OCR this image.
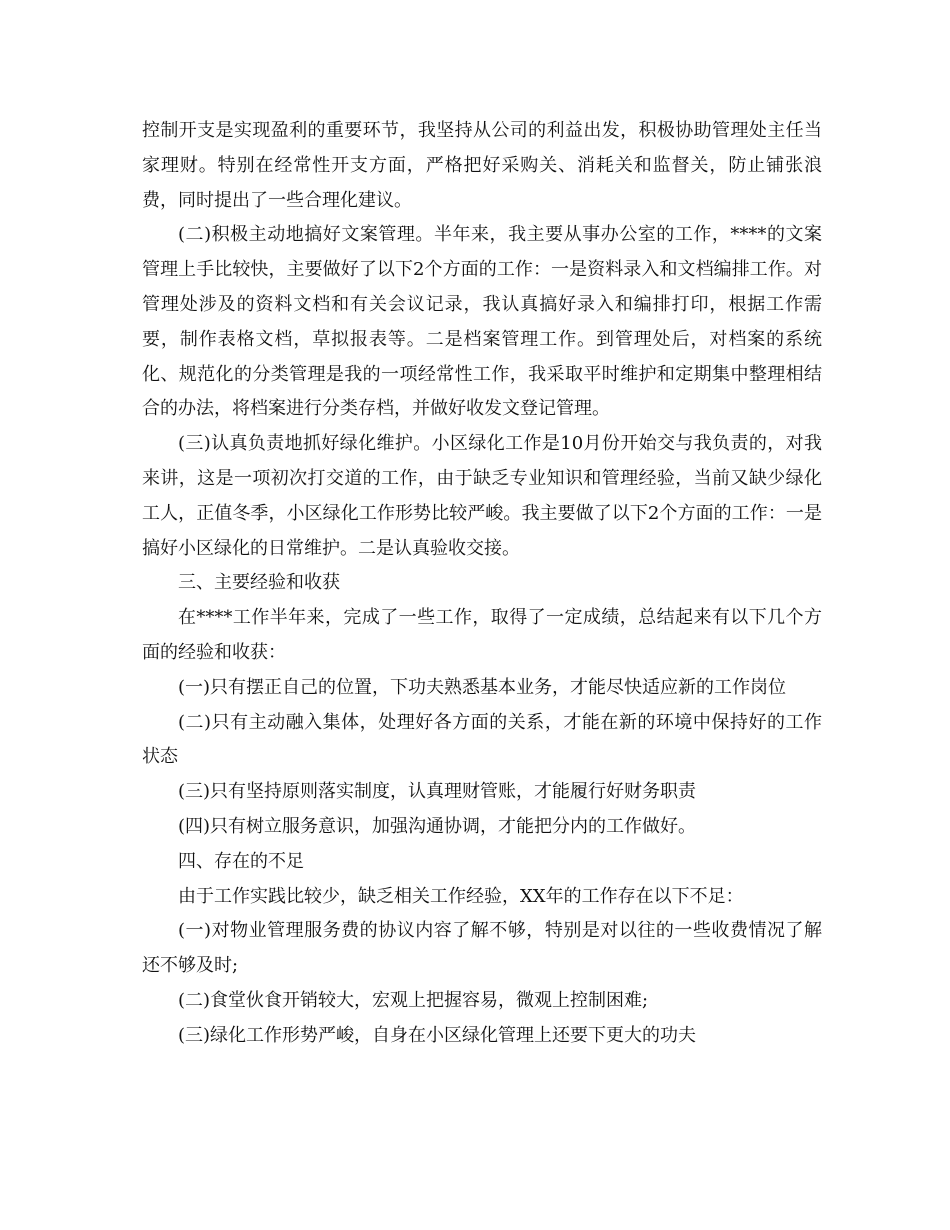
控制开支是实现盈利的重要环节，我坚持从公司的利益出发，积极协助管理处主任当家理财。特别在经常性开支方面，严格把好采购关、消耗关和监督关，防止铺张浪费，同时提出了一些合理化建议。

(二)积极主动地搞好文案管理。半年来，我主要从事办公室的工作，****的文案管理上手比较快，主要做好了以下2个方面的工作：一是资料录入和文档编排工作。对管理处涉及的资料文档和有关会议记录，我认真搞好录入和编排打印，根据工作需要，制作表格文档，草拟报表等。二是档案管理工作。到管理处后，对档案的系统化、规范化的分类管理是我的一项经常性工作，我采取平时维护和定期集中整理相结合的办法，将档案进行分类存档，并做好收发文登记管理。

(三)认真负责地抓好绿化维护。小区绿化工作是10月份开始交与我负责的，对我来讲，这是一项初次打交道的工作，由于缺乏专业知识和管理经验，当前又缺少绿化工人，正值冬季，小区绿化工作形势比较严峻。我主要做了以下2个方面的工作：一是搞好小区绿化的日常维护。二是认真验收交接。

三、主要经验和收获

在****工作半年来，完成了一些工作，取得了一定成绩，总结起来有以下几个方面的经验和收获：

(一)只有摆正自己的位置，下功夫熟悉基本业务，才能尽快适应新的工作岗位

(二)只有主动融入集体，处理好各方面的关系，才能在新的环境中保持好的工作状态

(三)只有坚持原则落实制度，认真理财管账，才能履行好财务职责

(四)只有树立服务意识，加强沟通协调，才能把分内的工作做好。

四、存在的不足

由于工作实践比较少，缺乏相关工作经验，XX年的工作存在以下不足：

(一)对物业管理服务费的协议内容了解不够，特别是对以往的一些收费情况了解还不够及时;

(二)食堂伙食开销较大，宏观上把握容易，微观上控制困难;

(三)绿化工作形势严峻，自身在小区绿化管理上还要下更大的功夫
